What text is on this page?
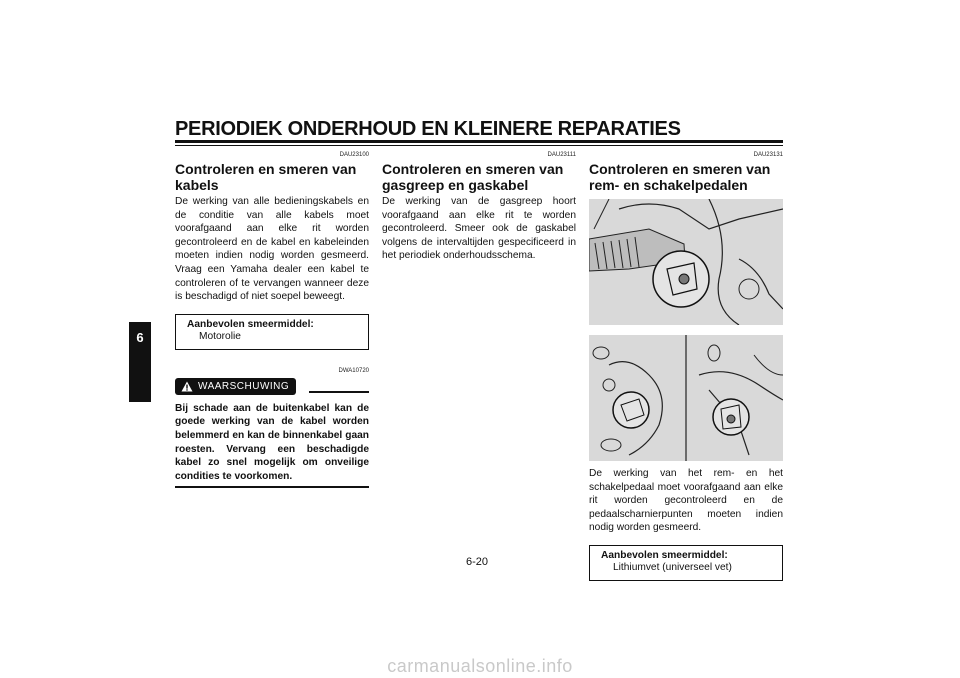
PERIODIEK ONDERHOUD EN KLEINERE REPARATIES
6
DAU23100
Controleren en smeren van kabels
De werking van alle bedieningskabels en de conditie van alle kabels moet voorafgaand aan elke rit worden gecontroleerd en de kabel en kabeleinden moeten indien nodig worden gesmeerd. Vraag een Yamaha dealer een kabel te controleren of te vervangen wanneer deze is beschadigd of niet soepel beweegt.
Aanbevolen smeermiddel:
Motorolie
DWA10720
WAARSCHUWING
Bij schade aan de buitenkabel kan de goede werking van de kabel worden belemmerd en kan de binnenkabel gaan roesten. Vervang een beschadigde kabel zo snel mogelijk om onveilige condities te voorkomen.
DAU23111
Controleren en smeren van gasgreep en gaskabel
De werking van de gasgreep hoort voorafgaand aan elke rit te worden gecontroleerd. Smeer ook de gaskabel volgens de intervaltijden gespecificeerd in het periodiek onderhoudsschema.
DAU23131
Controleren en smeren van rem- en schakelpedalen
De werking van het rem- en het schakelpedaal moet voorafgaand aan elke rit worden gecontroleerd en de pedaalscharnierpunten moeten indien nodig worden gesmeerd.
Aanbevolen smeermiddel:
Lithiumvet (universeel vet)
6-20
carmanualsonline.info
